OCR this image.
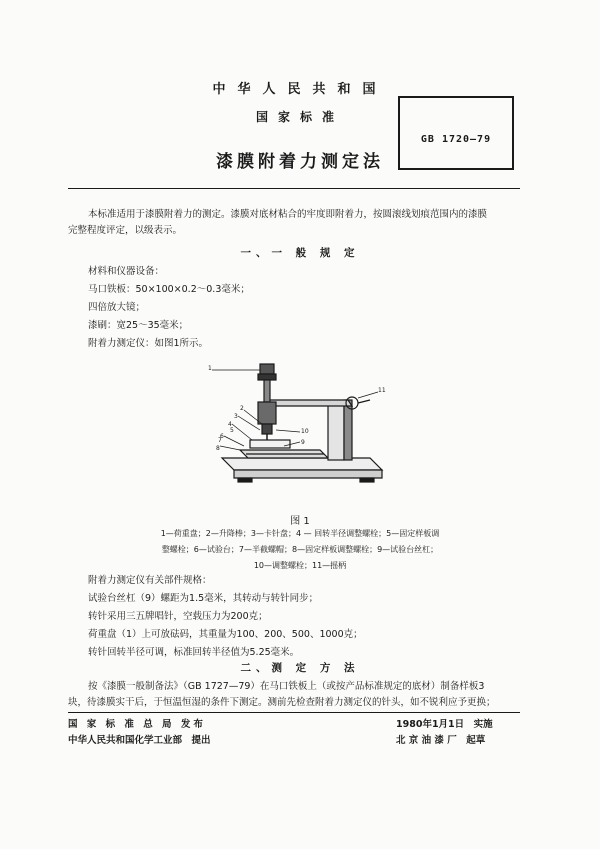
中华人民共和国
国家标准
漆膜附着力测定法
GB 1720—79
本标准适用于漆膜附着力的测定。漆膜对底材粘合的牢度即附着力，按圆滚线划痕范围内的漆膜
完整程度评定，以级表示。
一、一 般 规 定
材料和仪器设备：
马口铁板：50×100×0.2～0.3毫米；
四倍放大镜；
漆刷：宽25～35毫米；
附着力测定仪：如图1所示。
1
2
3
4
5
6
7
8
9
10
11
图 1
1—荷重盘；2—升降棒；3—卡针盘；4 — 回转半径调整螺栓；5—固定样板调
整螺栓；6—试验台；7—半截螺帽；8—固定样板调整螺栓；9—试验台丝杠；
10—调整螺栓；11—摇柄
附着力测定仪有关部件规格：
试验台丝杠（9）螺距为1.5毫米，其转动与转针同步；
转针采用三五牌唱针，空载压力为200克；
荷重盘（1）上可放砝码，其重量为100、200、500、1000克；
转针回转半径可调，标准回转半径值为5.25毫米。
二、测 定 方 法
按《漆膜一般制备法》（GB 1727—79）在马口铁板上（或按产品标准规定的底材）制备样板3
块，待漆膜实干后，于恒温恒湿的条件下测定。测前先检查附着力测定仪的针头，如不锐利应予更换；
国 家 标 准 总 局 发布	1980年1月1日　实施
中华人民共和国化学工业部　提出	北 京 油 漆 厂　起草
